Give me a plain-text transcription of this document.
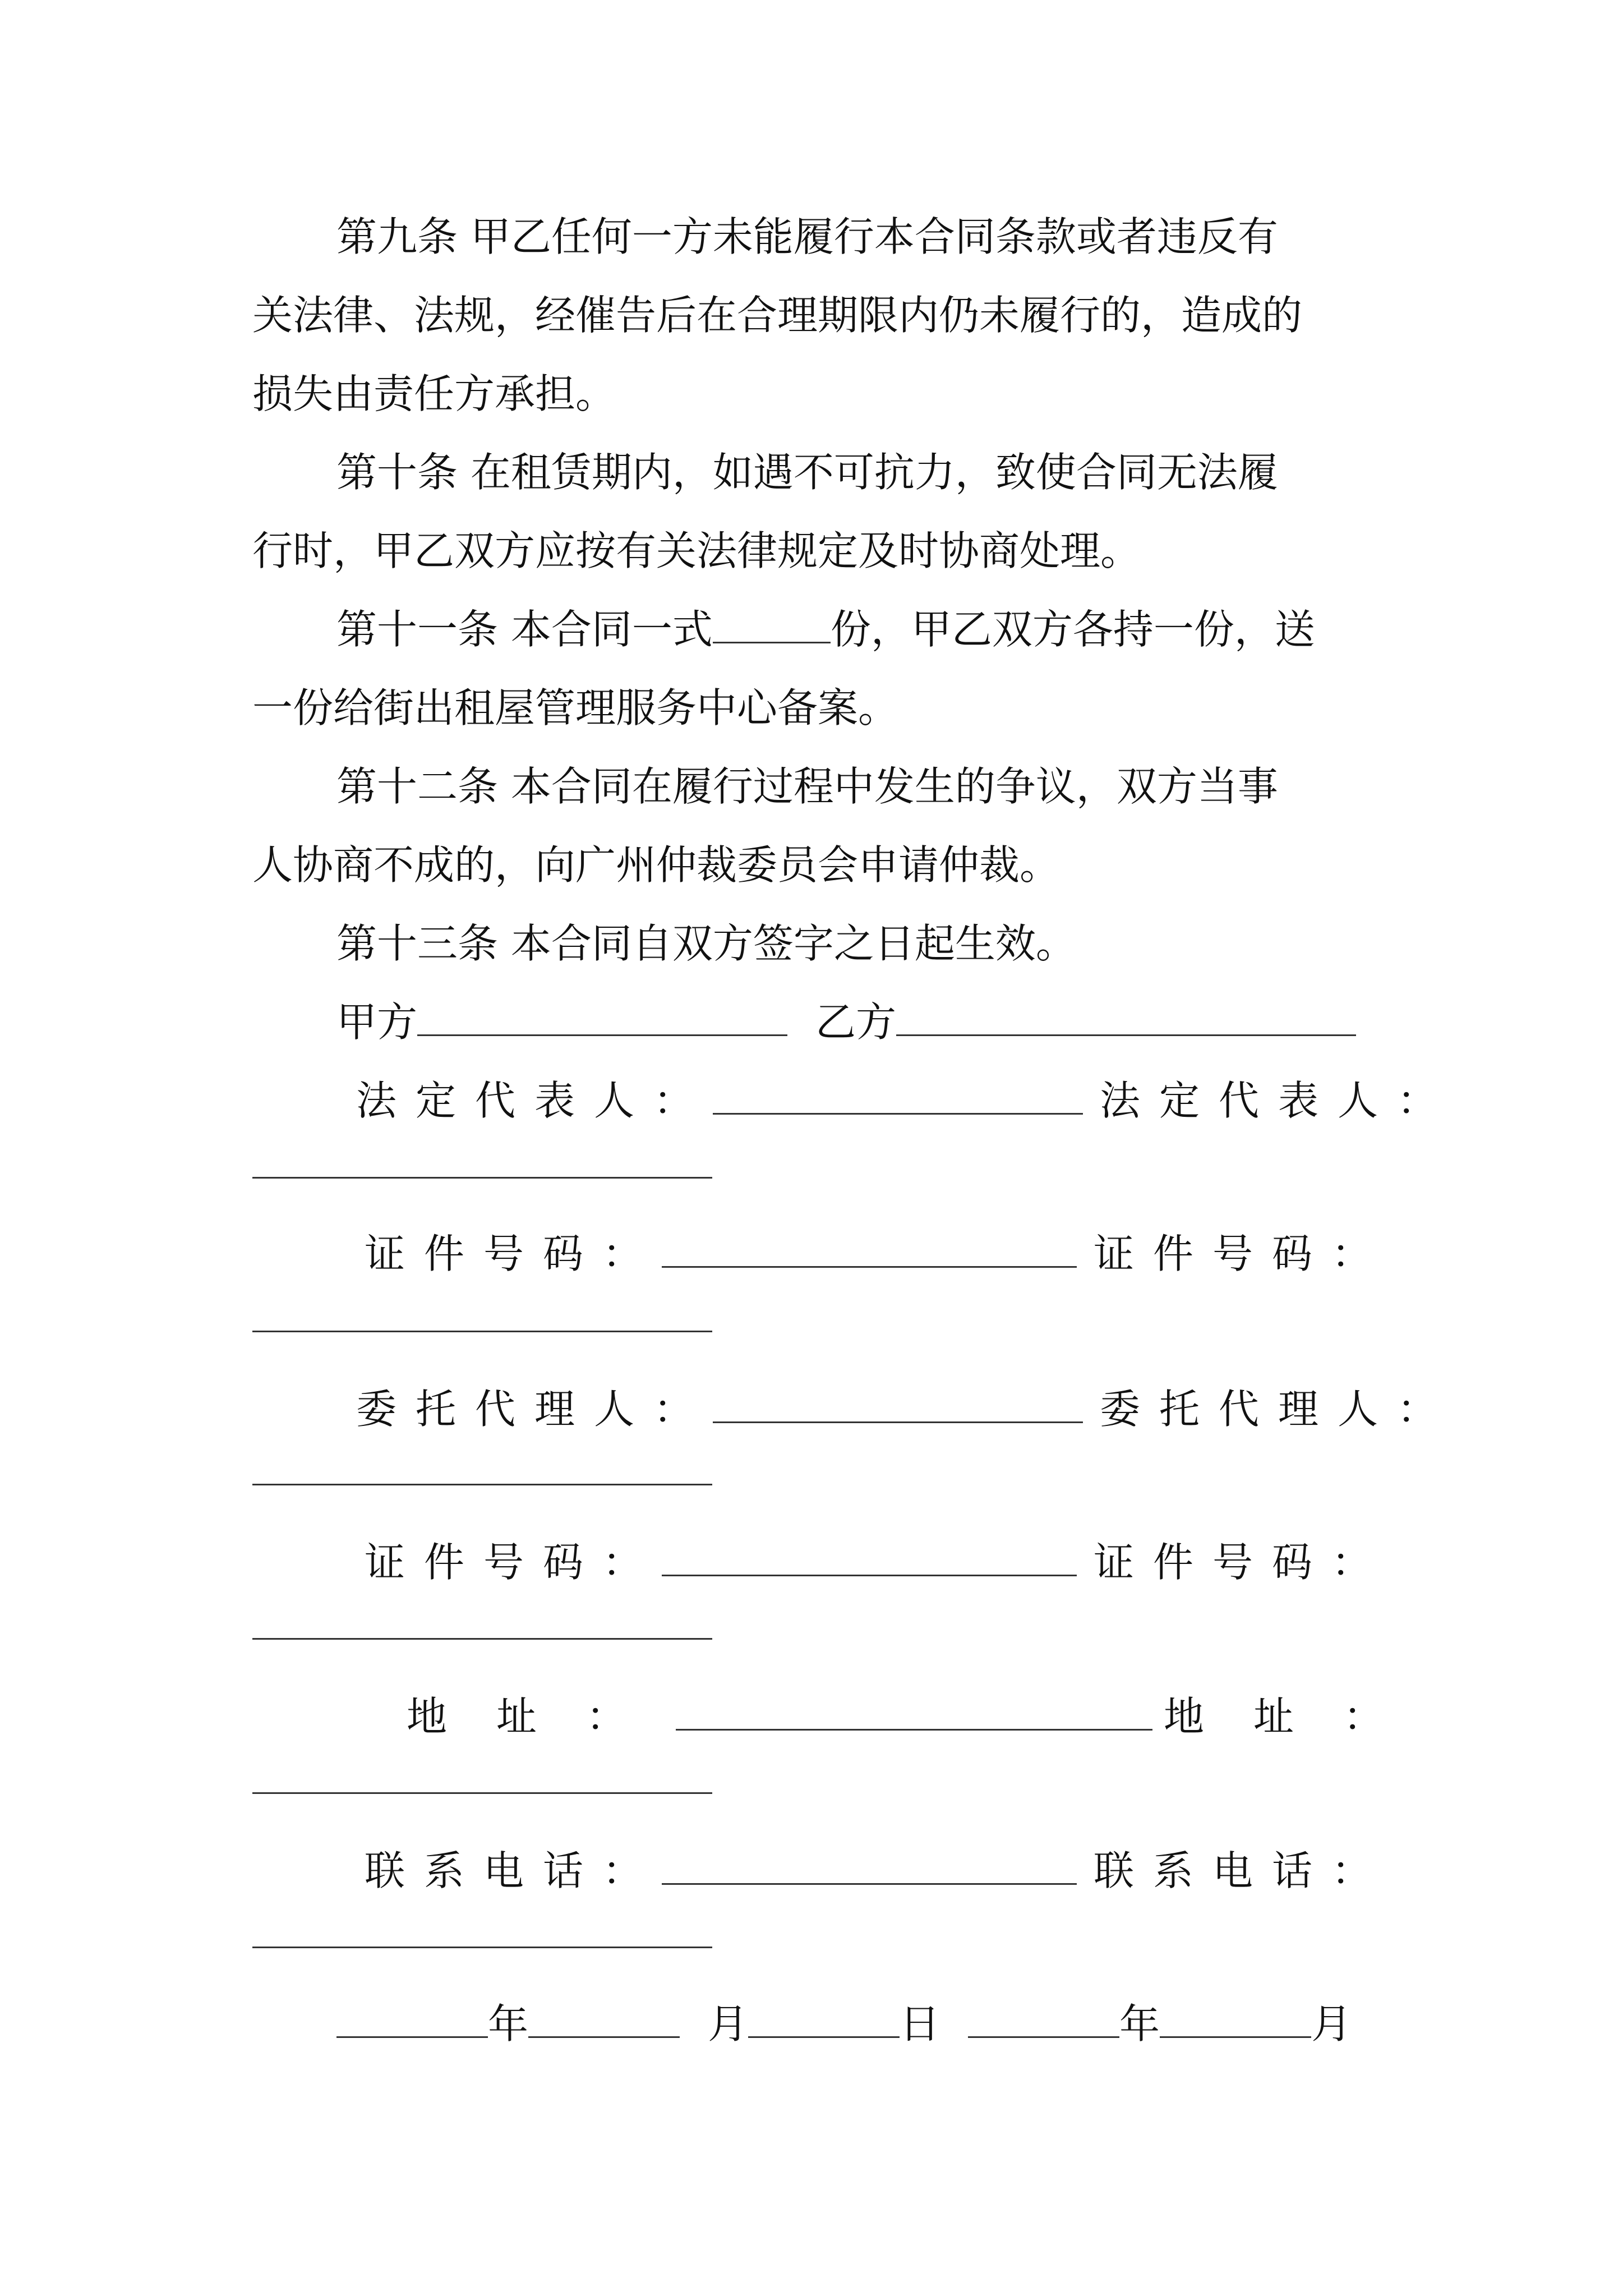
第九条 甲乙任何一方未能履行本合同条款或者违反有
关法律、法规，经催告后在合理期限内仍未履行的，造成的
损失由责任方承担。
第十条 在租赁期内，如遇不可抗力，致使合同无法履
行时，甲乙双方应按有关法律规定及时协商处理。
第十一条 本合同一式	份，甲乙双方各持一份，送
一份给街出租屋管理服务中心备案。
第十二条 本合同在履行过程中发生的争议，双方当事
人协商不成的，向广州仲裁委员会申请仲裁。
第十三条 本合同自双方签字之日起生效。
甲方	乙方
法定代表人：	法定代表人：
证件号码：	证件号码：
委托代理人：	委托代理人：
证件号码：	证件号码：
地址：	地址：
联系电话：	联系电话：
年	月	日	年	月
